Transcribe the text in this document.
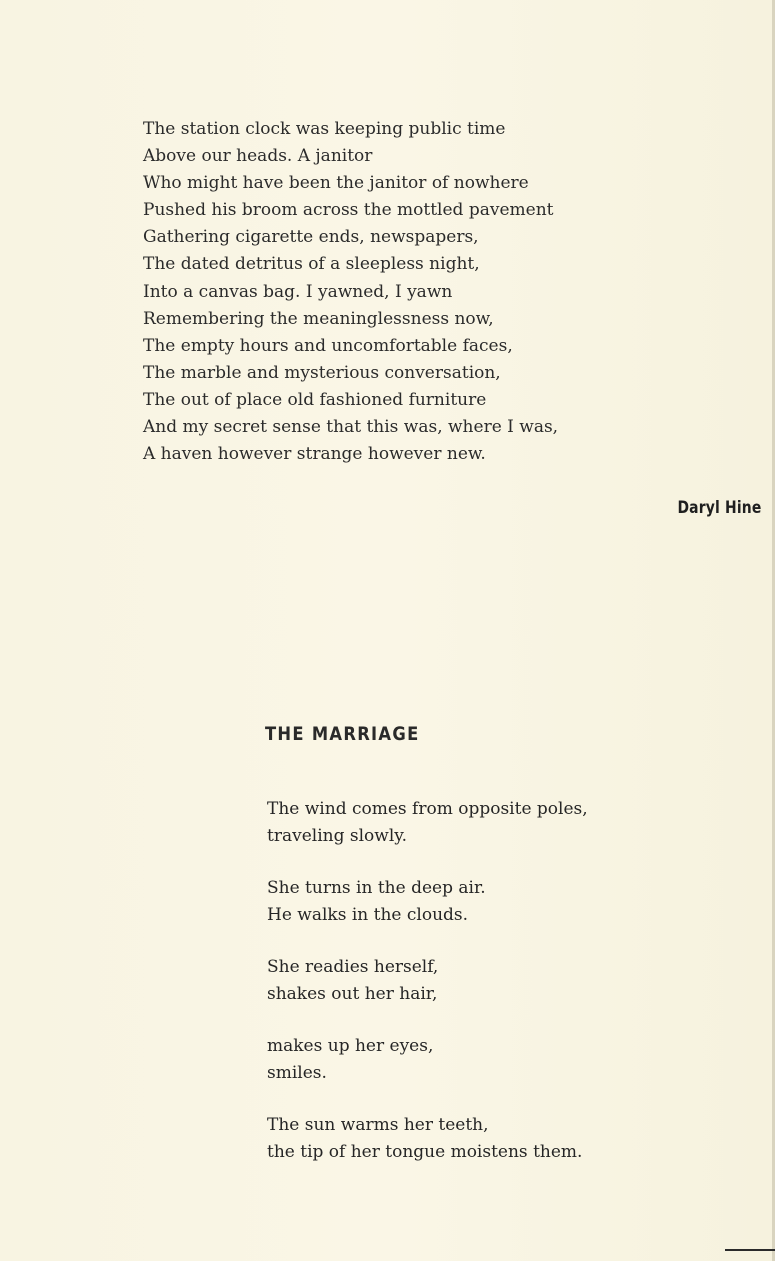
The station clock was keeping public time
Above our heads. A janitor
Who might have been the janitor of nowhere
Pushed his broom across the mottled pavement
Gathering cigarette ends, newspapers,
The dated detritus of a sleepless night,
Into a canvas bag. I yawned, I yawn
Remembering the meaninglessness now,
The empty hours and uncomfortable faces,
The marble and mysterious conversation,
The out of place old fashioned furniture
And my secret sense that this was, where I was,
A haven however strange however new.
Daryl Hine
THE MARRIAGE
The wind comes from opposite poles,
traveling slowly.
She turns in the deep air.
He walks in the clouds.
She readies herself,
shakes out her hair,
makes up her eyes,
smiles.
The sun warms her teeth,
the tip of her tongue moistens them.
